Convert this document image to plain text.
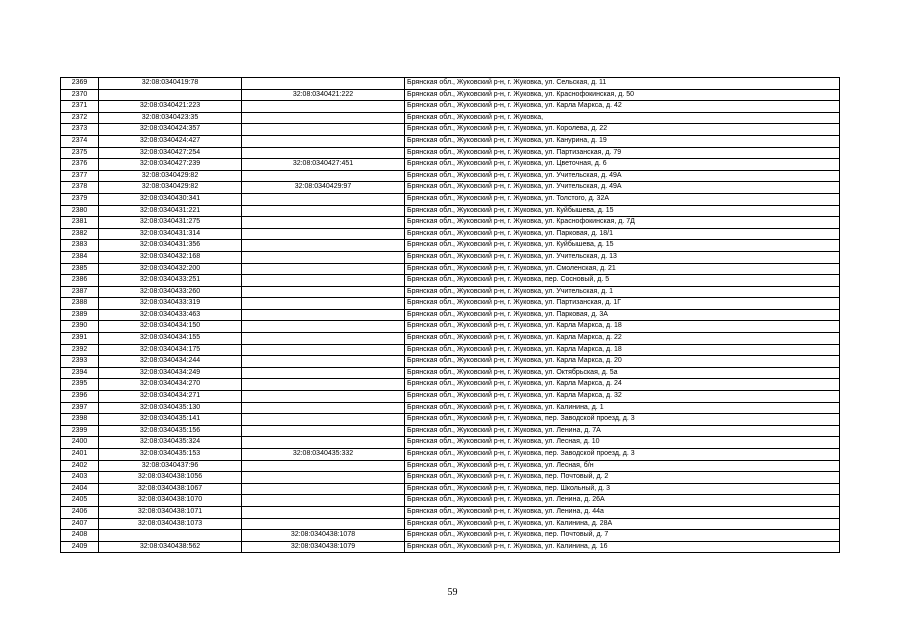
2369	32:08:0340419:78		Брянская обл., Жуковский р-н, г. Жуковка, ул. Сельская, д. 11
2370		32:08:0340421:222	Брянская обл., Жуковский р-н, г. Жуковка, ул. Краснофокинская, д. 50
2371	32:08:0340421:223		Брянская обл., Жуковский р-н, г. Жуковка, ул. Карла Маркса, д. 42
2372	32:08:0340423:35		Брянская обл., Жуковский р-н, г. Жуковка,
2373	32:08:0340424:357		Брянская обл., Жуковский р-н, г. Жуковка, ул. Королева, д. 22
2374	32:08:0340424:427		Брянская обл., Жуковский р-н, г. Жуковка, ул. Канурина, д. 19
2375	32:08:0340427:254		Брянская обл., Жуковский р-н, г. Жуковка, ул. Партизанская, д. 79
2376	32:08:0340427:239	32:08:0340427:451	Брянская обл., Жуковский р-н, г. Жуковка, ул. Цветочная, д. 6
2377	32:08:0340429:82		Брянская обл., Жуковский р-н, г. Жуковка, ул. Учительская, д. 49А
2378	32:08:0340429:82	32:08:0340429:97	Брянская обл., Жуковский р-н, г. Жуковка, ул. Учительская, д. 49А
2379	32:08:0340430:341		Брянская обл., Жуковский р-н, г. Жуковка, ул. Толстого, д. 32А
2380	32:08:0340431:221		Брянская обл., Жуковский р-н, г. Жуковка, ул. Куйбышева, д. 15
2381	32:08:0340431:275		Брянская обл., Жуковский р-н, г. Жуковка, ул. Краснофокинская, д. 7Д
2382	32:08:0340431:314		Брянская обл., Жуковский р-н, г. Жуковка, ул. Парковая, д. 18/1
2383	32:08:0340431:356		Брянская обл., Жуковский р-н, г. Жуковка, ул. Куйбышева, д. 15
2384	32:08:0340432:168		Брянская обл., Жуковский р-н, г. Жуковка, ул. Учительская, д. 13
2385	32:08:0340432:200		Брянская обл., Жуковский р-н, г. Жуковка, ул. Смоленская, д. 21
2386	32:08:0340433:251		Брянская обл., Жуковский р-н, г. Жуковка, пер. Сосновый, д. 5
2387	32:08:0340433:260		Брянская обл., Жуковский р-н, г. Жуковка, ул. Учительская, д. 1
2388	32:08:0340433:319		Брянская обл., Жуковский р-н, г. Жуковка, ул. Партизанская, д. 1Г
2389	32:08:0340433:463		Брянская обл., Жуковский р-н, г. Жуковка, ул. Парковая, д. 3А
2390	32:08:0340434:150		Брянская обл., Жуковский р-н, г. Жуковка, ул. Карла Маркса, д. 18
2391	32:08:0340434:155		Брянская обл., Жуковский р-н, г. Жуковка, ул. Карла Маркса, д. 22
2392	32:08:0340434:175		Брянская обл., Жуковский р-н, г. Жуковка, ул. Карла Маркса, д. 18
2393	32:08:0340434:244		Брянская обл., Жуковский р-н, г. Жуковка, ул. Карла Маркса, д. 20
2394	32:08:0340434:249		Брянская обл., Жуковский р-н, г. Жуковка, ул. Октябрьская, д. 5а
2395	32:08:0340434:270		Брянская обл., Жуковский р-н, г. Жуковка, ул. Карла Маркса, д. 24
2396	32:08:0340434:271		Брянская обл., Жуковский р-н, г. Жуковка, ул. Карла Маркса, д. 32
2397	32:08:0340435:130		Брянская обл., Жуковский р-н, г. Жуковка, ул. Калинина, д. 1
2398	32:08:0340435:141		Брянская обл., Жуковский р-н, г. Жуковка, пер. Заводской проезд, д. 3
2399	32:08:0340435:156		Брянская обл., Жуковский р-н, г. Жуковка, ул. Ленина, д. 7А
2400	32:08:0340435:324		Брянская обл., Жуковский р-н, г. Жуковка, ул. Лесная, д. 10
2401	32:08:0340435:153	32:08:0340435:332	Брянская обл., Жуковский р-н, г. Жуковка, пер. Заводской проезд, д. 3
2402	32:08:0340437:96		Брянская обл., Жуковский р-н, г. Жуковка, ул. Лесная, б/н
2403	32:08:0340438:1056		Брянская обл., Жуковский р-н, г. Жуковка, пер. Почтовый, д. 2
2404	32:08:0340438:1067		Брянская обл., Жуковский р-н, г. Жуковка, пер. Школьный, д. 3
2405	32:08:0340438:1070		Брянская обл., Жуковский р-н, г. Жуковка, ул. Ленина, д. 26А
2406	32:08:0340438:1071		Брянская обл., Жуковский р-н, г. Жуковка, ул. Ленина, д. 44а
2407	32:08:0340438:1073		Брянская обл., Жуковский р-н, г. Жуковка, ул. Калинина, д. 28А
2408		32:08:0340438:1078	Брянская обл., Жуковский р-н, г. Жуковка, пер. Почтовый, д. 7
2409	32:08:0340438:562	32:08:0340438:1079	Брянская обл., Жуковский р-н, г. Жуковка, ул. Калинина, д. 16
59
